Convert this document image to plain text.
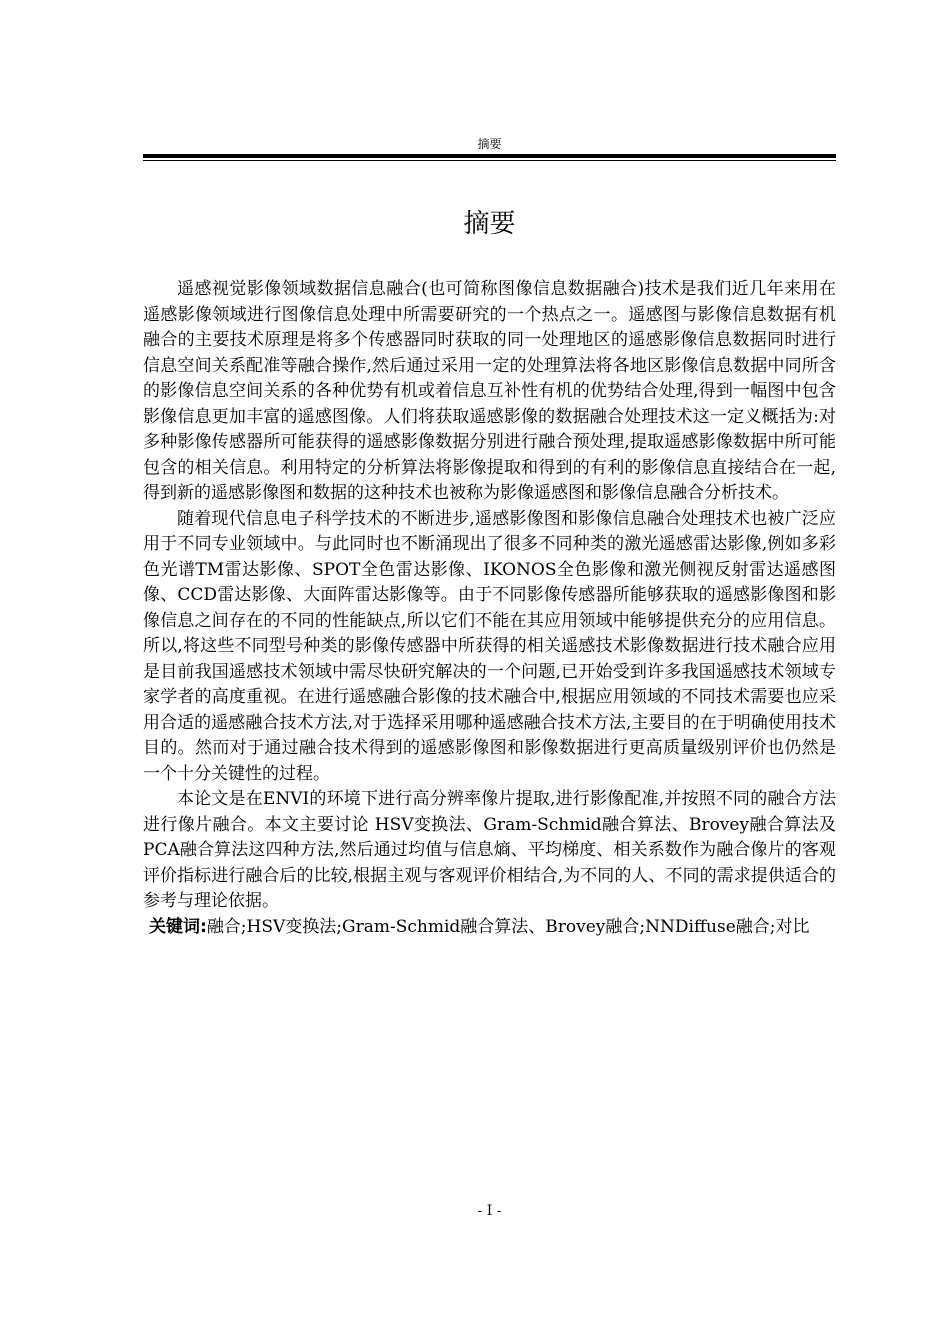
摘要
摘要

遥感视觉影像领域数据信息融合(也可简称图像信息数据融合)技术是我们近几年来用在遥感影像领域进行图像信息处理中所需要研究的一个热点之一。遥感图与影像信息数据有机融合的主要技术原理是将多个传感器同时获取的同一处理地区的遥感影像信息数据同时进行信息空间关系配准等融合操作,然后通过采用一定的处理算法将各地区影像信息数据中同所含的影像信息空间关系的各种优势有机或着信息互补性有机的优势结合处理,得到一幅图中包含影像信息更加丰富的遥感图像。人们将获取遥感影像的数据融合处理技术这一定义概括为:对多种影像传感器所可能获得的遥感影像数据分别进行融合预处理,提取遥感影像数据中所可能包含的相关信息。利用特定的分析算法将影像提取和得到的有利的影像信息直接结合在一起,得到新的遥感影像图和数据的这种技术也被称为影像遥感图和影像信息融合分析技术。

随着现代信息电子科学技术的不断进步,遥感影像图和影像信息融合处理技术也被广泛应用于不同专业领域中。与此同时也不断涌现出了很多不同种类的激光遥感雷达影像,例如多彩色光谱TM雷达影像、SPOT全色雷达影像、IKONOS全色影像和激光侧视反射雷达遥感图像、CCD雷达影像、大面阵雷达影像等。由于不同影像传感器所能够获取的遥感影像图和影像信息之间存在的不同的性能缺点,所以它们不能在其应用领域中能够提供充分的应用信息。所以,将这些不同型号种类的影像传感器中所获得的相关遥感技术影像数据进行技术融合应用是目前我国遥感技术领域中需尽快研究解决的一个问题,已开始受到许多我国遥感技术领域专家学者的高度重视。在进行遥感融合影像的技术融合中,根据应用领域的不同技术需要也应采用合适的遥感融合技术方法,对于选择采用哪种遥感融合技术方法,主要目的在于明确使用技术目的。然而对于通过融合技术得到的遥感影像图和影像数据进行更高质量级别评价也仍然是一个十分关键性的过程。

本论文是在ENVI的环境下进行高分辨率像片提取,进行影像配准,并按照不同的融合方法进行像片融合。本文主要讨论 HSV变换法、Gram-Schmid融合算法、Brovey融合算法及PCA融合算法这四种方法,然后通过均值与信息熵、平均梯度、相关系数作为融合像片的客观评价指标进行融合后的比较,根据主观与客观评价相结合,为不同的人、不同的需求提供适合的参考与理论依据。

关键词:融合;HSV变换法;Gram-Schmid融合算法、Brovey融合;NNDiffuse融合;对比

- I -
